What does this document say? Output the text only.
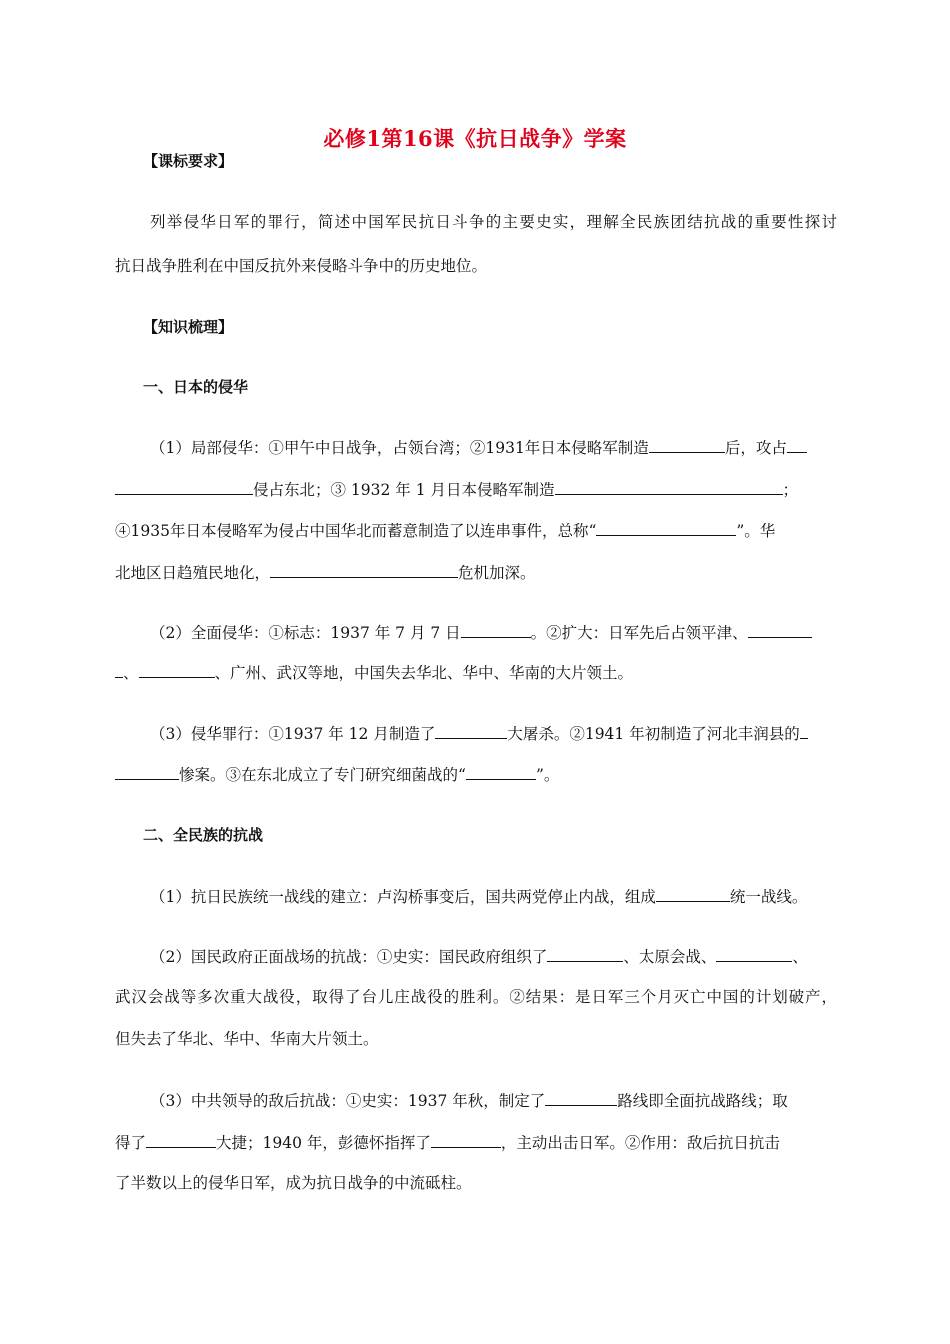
必修1第16课《抗日战争》学案
【课标要求】
列举侵华日军的罪行，简述中国军民抗日斗争的主要史实，理解全民族团结抗战的重要性探讨
抗日战争胜利在中国反抗外来侵略斗争中的历史地位。
【知识梳理】
一、日本的侵华
（1）局部侵华：①甲午中日战争，占领台湾；②1931年日本侵略军制造	后，攻占
侵占东北；③ 1932 年 1 月日本侵略军制造	；
④1935年日本侵略军为侵占中国华北而蓄意制造了以连串事件，总称“	”。华
北地区日趋殖民地化，	危机加深。
（2）全面侵华：①标志：1937 年 7 月 7 日	。②扩大：日军先后占领平津、
、	、广州、武汉等地，中国失去华北、华中、华南的大片领土。
（3）侵华罪行：①1937 年 12 月制造了	大屠杀。②1941 年初制造了河北丰润县的
惨案。③在东北成立了专门研究细菌战的“	”。
二、全民族的抗战
（1）抗日民族统一战线的建立：卢沟桥事变后，国共两党停止内战，组成	统一战线。
（2）国民政府正面战场的抗战：①史实：国民政府组织了	、太原会战、	、
武汉会战等多次重大战役，取得了台儿庄战役的胜利。②结果：是日军三个月灭亡中国的计划破产，
但失去了华北、华中、华南大片领土。
（3）中共领导的敌后抗战：①史实：1937 年秋，制定了	路线即全面抗战路线；取
得了	大捷；1940 年，彭德怀指挥了	，主动出击日军。②作用：敌后抗日抗击
了半数以上的侵华日军，成为抗日战争的中流砥柱。
